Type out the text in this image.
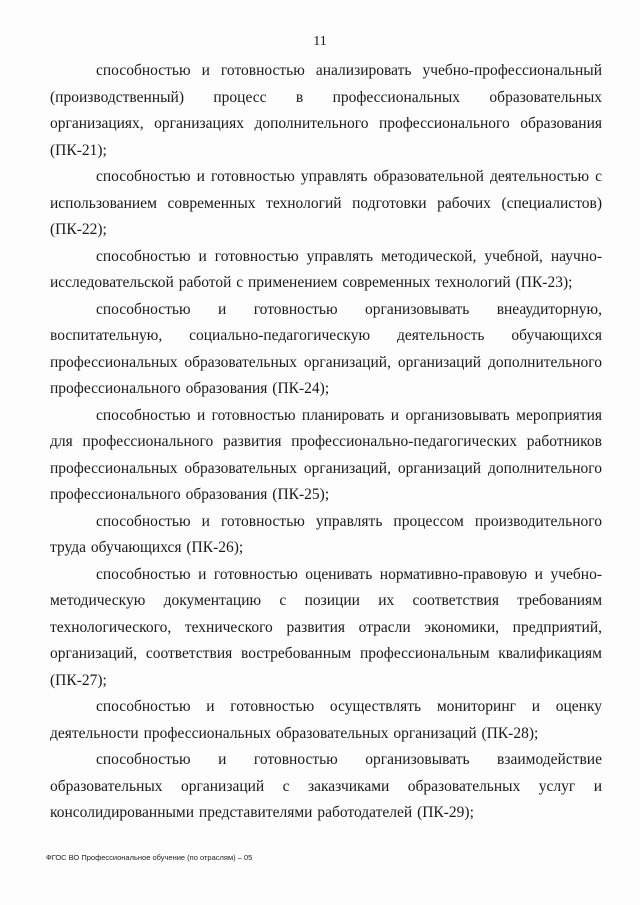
11

способностью и готовностью анализировать учебно-профессиональный (производственный) процесс в профессиональных образовательных организациях, организациях дополнительного профессионального образования (ПК-21);

способностью и готовностью управлять образовательной деятельностью с использованием современных технологий подготовки рабочих (специалистов) (ПК-22);

способностью и готовностью управлять методической, учебной, научно-исследовательской работой с применением современных технологий (ПК-23);

способностью и готовностью организовывать внеаудиторную, воспитательную, социально-педагогическую деятельность обучающихся профессиональных образовательных организаций, организаций дополнительного профессионального образования (ПК-24);

способностью и готовностью планировать и организовывать мероприятия для профессионального развития профессионально-педагогических работников профессиональных образовательных организаций, организаций дополнительного профессионального образования (ПК-25);

способностью и готовностью управлять процессом производительного труда обучающихся (ПК-26);

способностью и готовностью оценивать нормативно-правовую и учебно-методическую документацию с позиции их соответствия требованиям технологического, технического развития отрасли экономики, предприятий, организаций, соответствия востребованным профессиональным квалификациям (ПК-27);

способностью и готовностью осуществлять мониторинг и оценку деятельности профессиональных образовательных организаций (ПК-28);

способностью и готовностью организовывать взаимодействие образовательных организаций с заказчиками образовательных услуг и консолидированными представителями работодателей (ПК-29);

ФГОС ВО Профессиональное обучение (по отраслям) – 05
